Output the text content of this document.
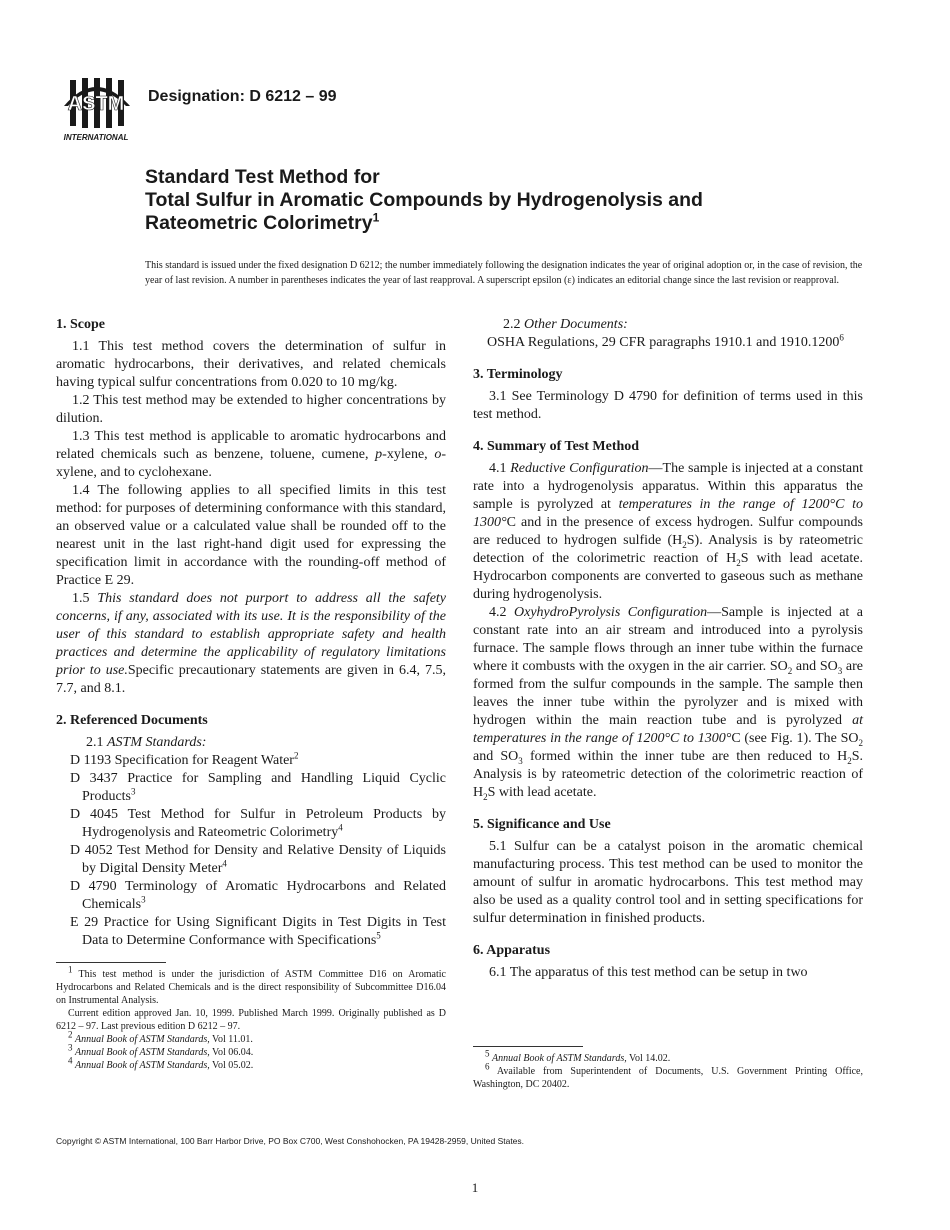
ASTM
INTERNATIONAL
Designation: D 6212 – 99
Standard Test Method for
Total Sulfur in Aromatic Compounds by Hydrogenolysis and
Rateometric Colorimetry$^1$
This standard is issued under the fixed designation D 6212; the number immediately following the designation indicates the year of original adoption or, in the case of revision, the year of last revision. A number in parentheses indicates the year of last reapproval. A superscript epsilon (ε) indicates an editorial change since the last revision or reapproval.
1. Scope

1.1 This test method covers the determination of sulfur in aromatic hydrocarbons, their derivatives, and related chemicals having typical sulfur concentrations from 0.020 to 10 mg/kg.

1.2 This test method may be extended to higher concentrations by dilution.

1.3 This test method is applicable to aromatic hydrocarbons and related chemicals such as benzene, toluene, cumene, p-xylene, o-xylene, and to cyclohexane.

1.4 The following applies to all specified limits in this test method: for purposes of determining conformance with this standard, an observed value or a calculated value shall be rounded off to the nearest unit in the last right-hand digit used for expressing the specification limit in accordance with the rounding-off method of Practice E 29.

1.5 This standard does not purport to address all the safety concerns, if any, associated with its use. It is the responsibility of the user of this standard to establish appropriate safety and health practices and determine the applicability of regulatory limitations prior to use.Specific precautionary statements are given in 6.4, 7.5, 7.7, and 8.1.

2. Referenced Documents

2.1 ASTM Standards:

D 1193 Specification for Reagent Water$^2$

D 3437 Practice for Sampling and Handling Liquid Cyclic Products$^3$

D 4045 Test Method for Sulfur in Petroleum Products by Hydrogenolysis and Rateometric Colorimetry$^4$

D 4052 Test Method for Density and Relative Density of Liquids by Digital Density Meter$^4$

D 4790 Terminology of Aromatic Hydrocarbons and Related Chemicals$^3$

E 29 Practice for Using Significant Digits in Test Digits in Test Data to Determine Conformance with Specifications$^5$

2.2 Other Documents:

OSHA Regulations, 29 CFR paragraphs 1910.1 and 1910.1200$^6$

3. Terminology

3.1 See Terminology D 4790 for definition of terms used in this test method.

4. Summary of Test Method

4.1 Reductive Configuration—The sample is injected at a constant rate into a hydrogenolysis apparatus. Within this apparatus the sample is pyrolyzed at temperatures in the range of 1200°C to 1300°C and in the presence of excess hydrogen. Sulfur compounds are reduced to hydrogen sulfide $(H_2S)$. Analysis is by rateometric detection of the colorimetric reaction of $H_2S$ with lead acetate. Hydrocarbon components are converted to gaseous such as methane during hydrogenolysis.

4.2 OxyhydroPyrolysis Configuration—Sample is injected at a constant rate into an air stream and introduced into a pyrolysis furnace. The sample flows through an inner tube within the furnace where it combusts with the oxygen in the air carrier. $SO_2$ and $SO_3$ are formed from the sulfur compounds in the sample. The sample then leaves the inner tube within the pyrolyzer and is mixed with hydrogen within the main reaction tube and is pyrolyzed at temperatures in the range of 1200°C to 1300°C (see Fig. 1). The $SO_2$ and $SO_3$ formed within the inner tube are then reduced to $H_2S$. Analysis is by rateometric detection of the colorimetric reaction of $H_2S$ with lead acetate.

5. Significance and Use

5.1 Sulfur can be a catalyst poison in the aromatic chemical manufacturing process. This test method can be used to monitor the amount of sulfur in aromatic hydrocarbons. This test method may also be used as a quality control tool and in setting specifications for sulfur determination in finished products.

6. Apparatus

6.1 The apparatus of this test method can be setup in two

$^1$ This test method is under the jurisdiction of ASTM Committee D16 on Aromatic Hydrocarbons and Related Chemicals and is the direct responsibility of Subcommittee D16.04 on Instrumental Analysis.

Current edition approved Jan. 10, 1999. Published March 1999. Originally published as D 6212 – 97. Last previous edition D 6212 – 97.

$^2$ Annual Book of ASTM Standards, Vol 11.01.

$^3$ Annual Book of ASTM Standards, Vol 06.04.

$^4$ Annual Book of ASTM Standards, Vol 05.02.

$^5$ Annual Book of ASTM Standards, Vol 14.02.

$^6$ Available from Superintendent of Documents, U.S. Government Printing Office, Washington, DC 20402.

Copyright © ASTM International, 100 Barr Harbor Drive, PO Box C700, West Conshohocken, PA 19428-2959, United States.
1
